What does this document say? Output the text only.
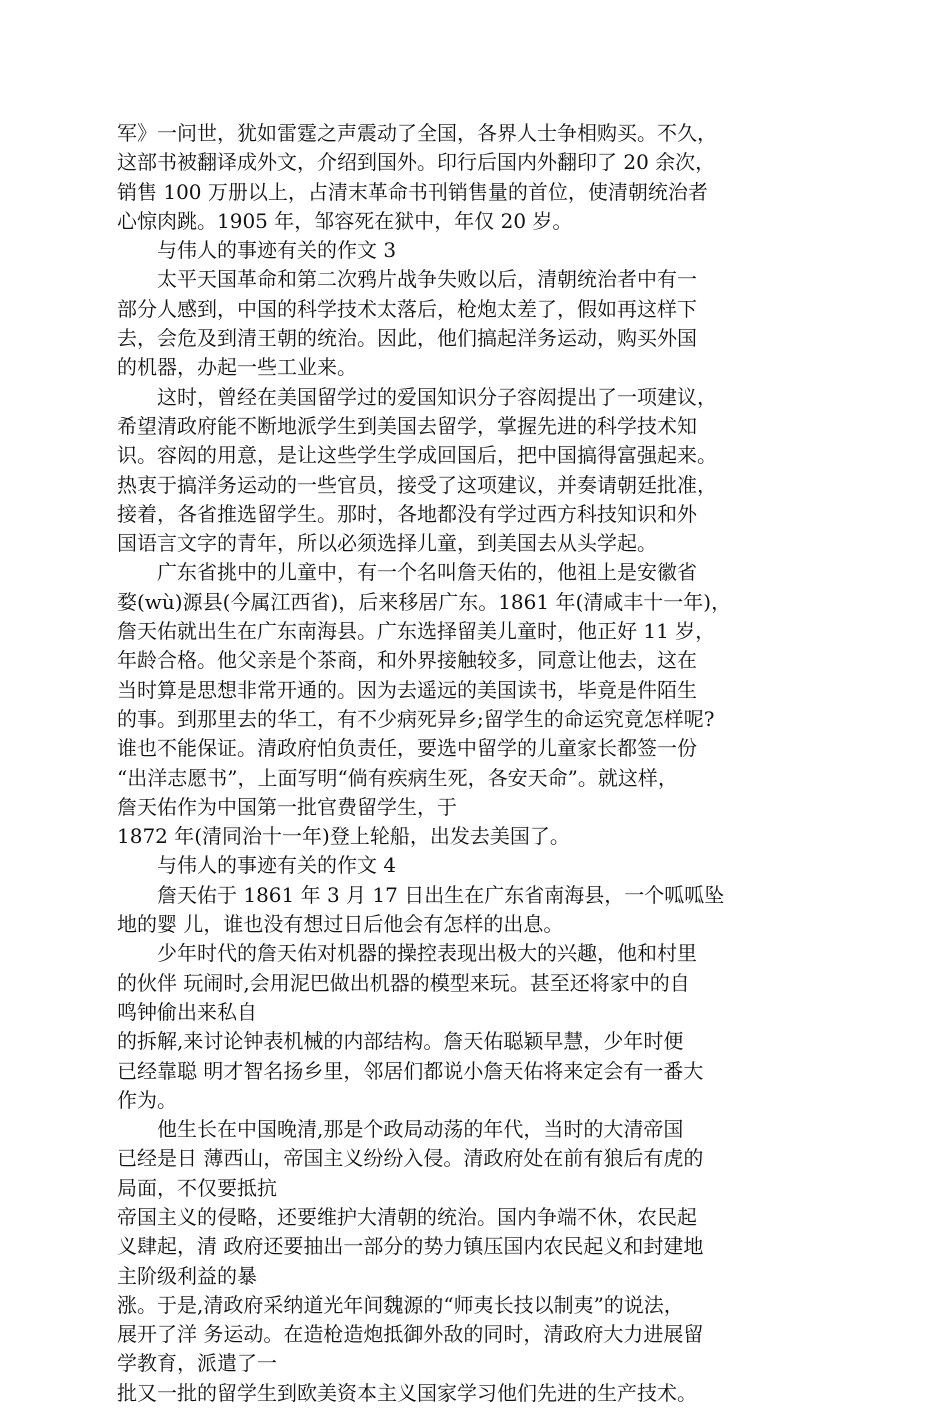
军》一问世，犹如雷霆之声震动了全国，各界人士争相购买。不久，
这部书被翻译成外文，介绍到国外。印行后国内外翻印了 20 余次，
销售 100 万册以上，占清末革命书刊销售量的首位，使清朝统治者
心惊肉跳。1905 年，邹容死在狱中，年仅 20 岁。
与伟人的事迹有关的作文 3
太平天国革命和第二次鸦片战争失败以后，清朝统治者中有一
部分人感到，中国的科学技术太落后，枪炮太差了，假如再这样下
去，会危及到清王朝的统治。因此，他们搞起洋务运动，购买外国
的机器，办起一些工业来。
这时，曾经在美国留学过的爱国知识分子容闳提出了一项建议，
希望清政府能不断地派学生到美国去留学，掌握先进的科学技术知
识。容闳的用意，是让这些学生学成回国后，把中国搞得富强起来。
热衷于搞洋务运动的一些官员，接受了这项建议，并奏请朝廷批准，
接着，各省推选留学生。那时，各地都没有学过西方科技知识和外
国语言文字的青年，所以必须选择儿童，到美国去从头学起。
广东省挑中的儿童中，有一个名叫詹天佑的，他祖上是安徽省
婺(wù)源县(今属江西省)，后来移居广东。1861 年(清咸丰十一年)，
詹天佑就出生在广东南海县。广东选择留美儿童时，他正好 11 岁，
年龄合格。他父亲是个茶商，和外界接触较多，同意让他去，这在
当时算是思想非常开通的。因为去遥远的美国读书，毕竟是件陌生
的事。到那里去的华工，有不少病死异乡;留学生的命运究竟怎样呢?
谁也不能保证。清政府怕负责任，要选中留学的儿童家长都签一份
“出洋志愿书”，上面写明“倘有疾病生死，各安天命”。就这样，
詹天佑作为中国第一批官费留学生，于
1872 年(清同治十一年)登上轮船，出发去美国了。
与伟人的事迹有关的作文 4
詹天佑于 1861 年 3 月 17 日出生在广东省南海县，一个呱呱坠
地的婴 儿，谁也没有想过日后他会有怎样的出息。
少年时代的詹天佑对机器的操控表现出极大的兴趣，他和村里
的伙伴 玩闹时,会用泥巴做出机器的模型来玩。甚至还将家中的自
鸣钟偷出来私自
的拆解,来讨论钟表机械的内部结构。詹天佑聪颖早慧，少年时便
已经靠聪 明才智名扬乡里，邻居们都说小詹天佑将来定会有一番大
作为。
他生长在中国晚清,那是个政局动荡的年代，当时的大清帝国
已经是日 薄西山，帝国主义纷纷入侵。清政府处在前有狼后有虎的
局面，不仅要抵抗
帝国主义的侵略，还要维护大清朝的统治。国内争端不休，农民起
义肆起，清 政府还要抽出一部分的势力镇压国内农民起义和封建地
主阶级利益的暴
涨。于是,清政府采纳道光年间魏源的“师夷长技以制夷”的说法，
展开了洋 务运动。在造枪造炮抵御外敌的同时，清政府大力进展留
学教育，派遣了一
批又一批的留学生到欧美资本主义国家学习他们先进的生产技术。
